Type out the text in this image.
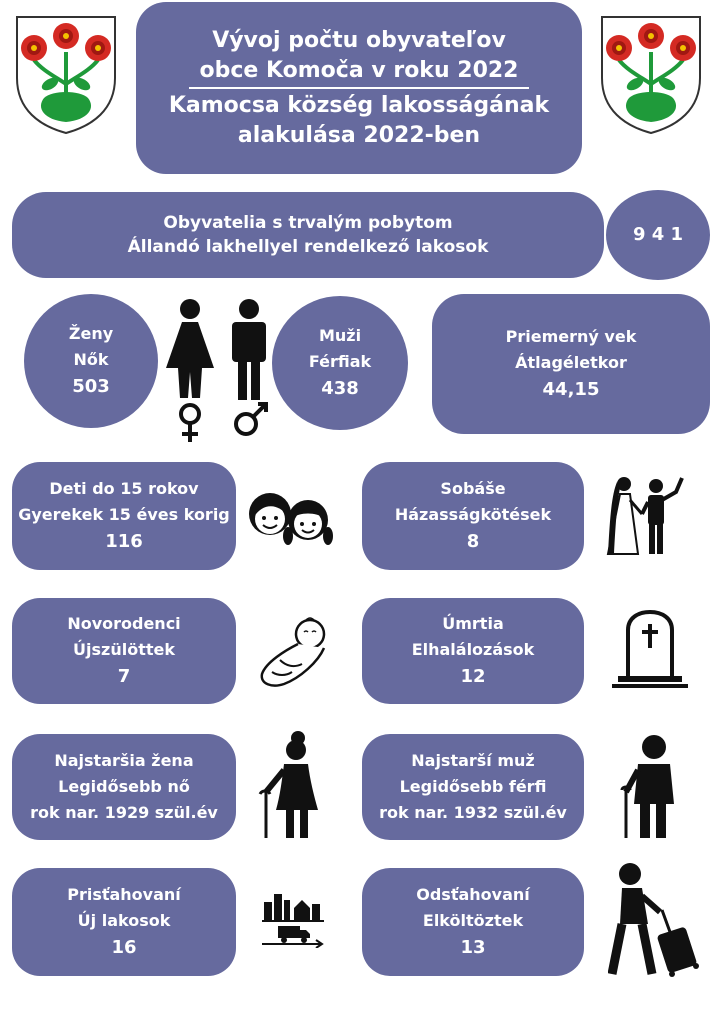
Vývoj počtu obyvateľov
obce Komoča v roku 2022
Kamocsa község lakosságának
alakulása 2022-ben
Obyvatelia s trvalým pobytom
Állandó lakhellyel rendelkező lakosok
9 4 1
Ženy
Nők
503
Muži
Férfiak
438
Priemerný vek
Átlagéletkor
44,15
Deti do 15 rokov
Gyerekek 15 éves korig
116
Sobáše
Házasságkötések
8
Novorodenci
Újszülöttek
7
Úmrtia
Elhalálozások
12
Najstaršia žena
Legidősebb nő
rok nar. 1929 szül.év
Najstarší muž
Legidősebb férfi
rok nar. 1932 szül.év
Prisťahovaní
Új lakosok
16
Odsťahovaní
Elköltöztek
13
